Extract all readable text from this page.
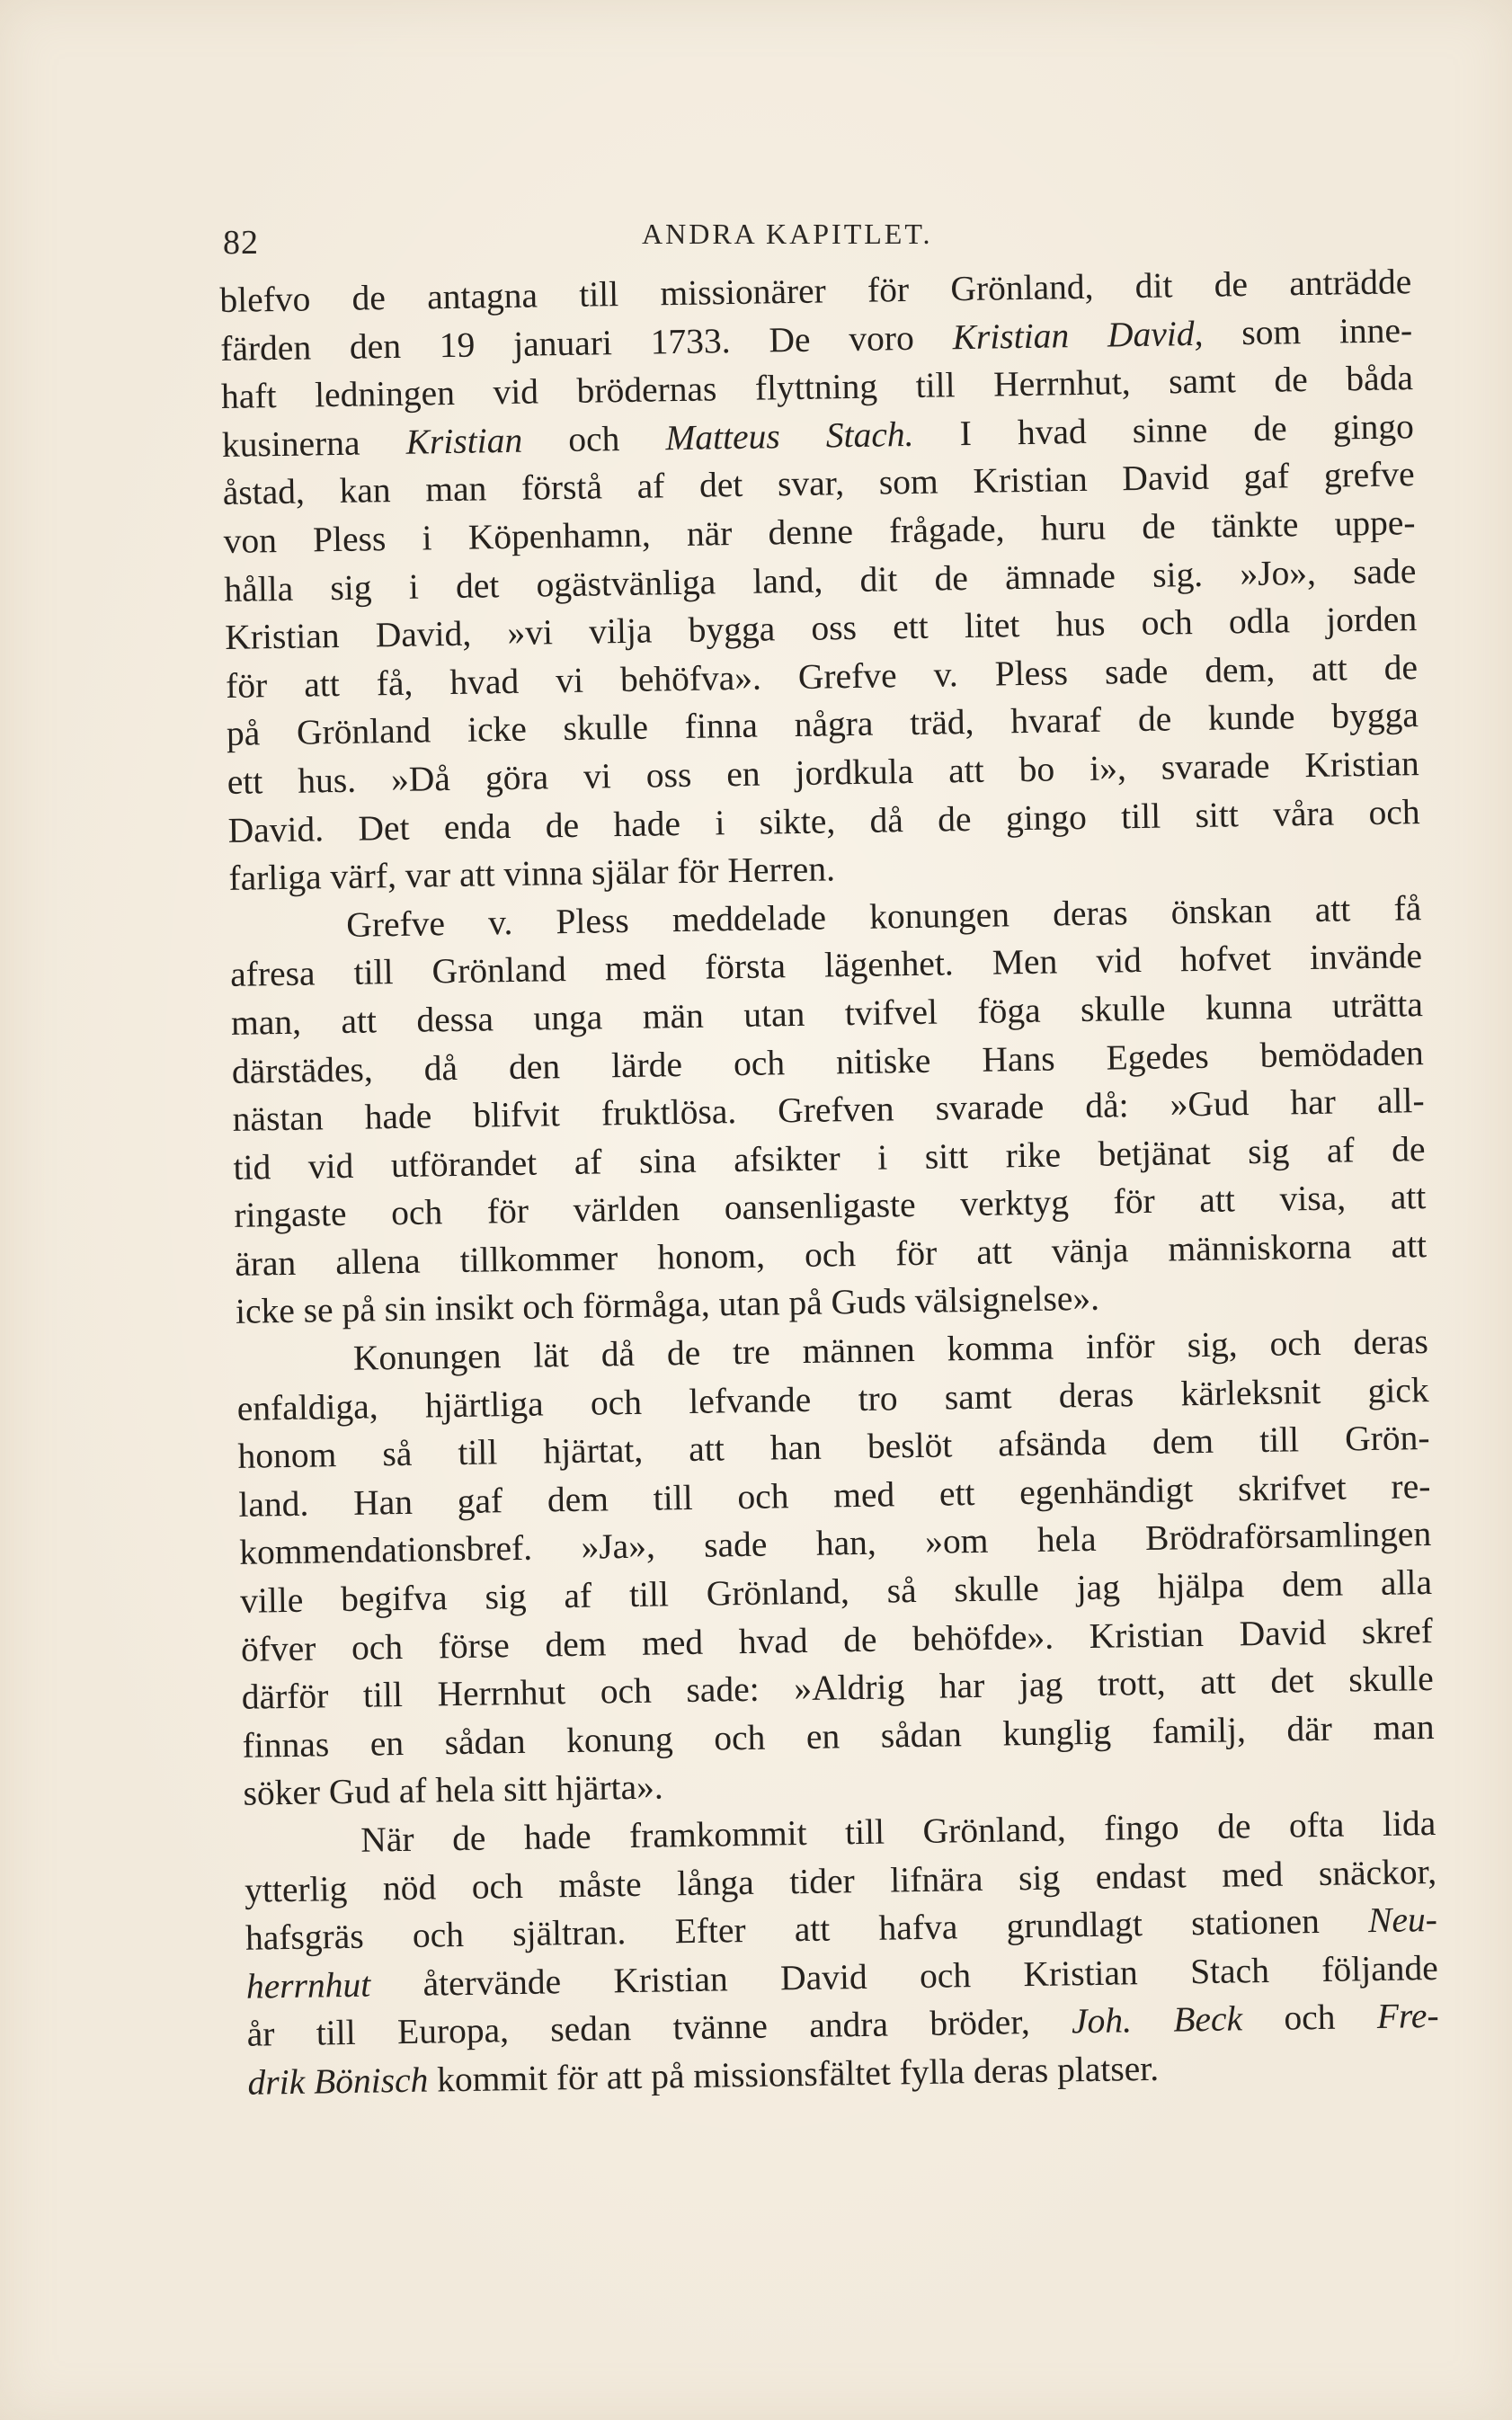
82	ANDRA KAPITLET.
blefvo de antagna till missionärer för Grönland, dit de anträdde
färden den 19 januari 1733. De voro Kristian David, som inne-
haft ledningen vid brödernas flyttning till Herrnhut, samt de båda
kusinerna Kristian och Matteus Stach. I hvad sinne de gingo
åstad, kan man förstå af det svar, som Kristian David gaf grefve
von Pless i Köpenhamn, när denne frågade, huru de tänkte uppe-
hålla sig i det ogästvänliga land, dit de ämnade sig. »Jo», sade
Kristian David, »vi vilja bygga oss ett litet hus och odla jorden
för att få, hvad vi behöfva». Grefve v. Pless sade dem, att de
på Grönland icke skulle finna några träd, hvaraf de kunde bygga
ett hus. »Då göra vi oss en jordkula att bo i», svarade Kristian
David. Det enda de hade i sikte, då de gingo till sitt våra och
farliga värf, var att vinna själar för Herren.
Grefve v. Pless meddelade konungen deras önskan att få
afresa till Grönland med första lägenhet. Men vid hofvet invände
man, att dessa unga män utan tvifvel föga skulle kunna uträtta
därstädes, då den lärde och nitiske Hans Egedes bemödaden
nästan hade blifvit fruktlösa. Grefven svarade då: »Gud har all-
tid vid utförandet af sina afsikter i sitt rike betjänat sig af de
ringaste och för världen oansenligaste verktyg för att visa, att
äran allena tillkommer honom, och för att vänja människorna att
icke se på sin insikt och förmåga, utan på Guds välsignelse».
Konungen lät då de tre männen komma inför sig, och deras
enfaldiga, hjärtliga och lefvande tro samt deras kärleksnit gick
honom så till hjärtat, att han beslöt afsända dem till Grön-
land. Han gaf dem till och med ett egenhändigt skrifvet re-
kommendationsbref. »Ja», sade han, »om hela Brödraförsamlingen
ville begifva sig af till Grönland, så skulle jag hjälpa dem alla
öfver och förse dem med hvad de behöfde». Kristian David skref
därför till Herrnhut och sade: »Aldrig har jag trott, att det skulle
finnas en sådan konung och en sådan kunglig familj, där man
söker Gud af hela sitt hjärta».
När de hade framkommit till Grönland, fingo de ofta lida
ytterlig nöd och måste långa tider lifnära sig endast med snäckor,
hafsgräs och själtran. Efter att hafva grundlagt stationen Neu-
herrnhut återvände Kristian David och Kristian Stach följande
år till Europa, sedan tvänne andra bröder, Joh. Beck och Fre-
drik Bönisch kommit för att på missionsfältet fylla deras platser.
